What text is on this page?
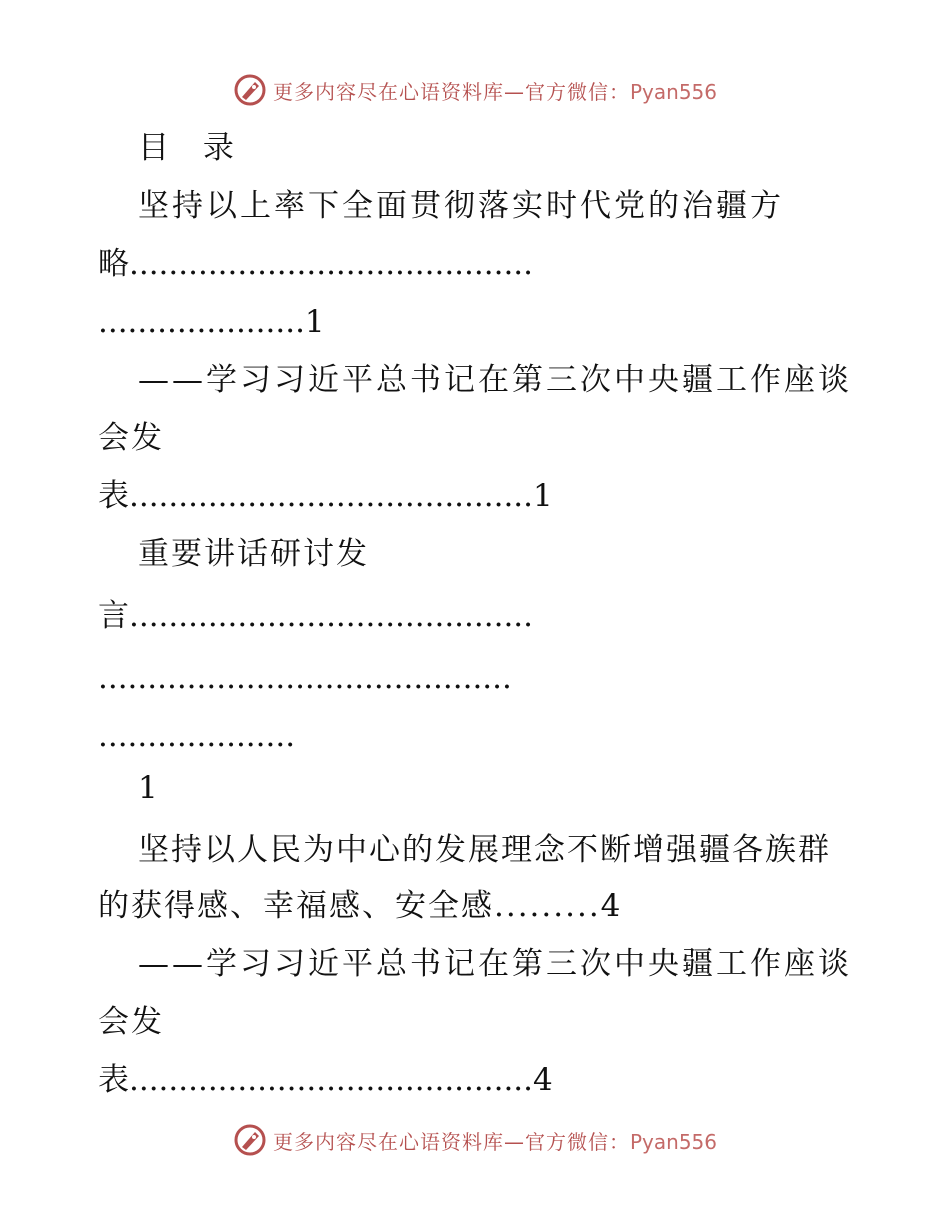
更多内容尽在心语资料库—官方微信：Pyan556
目 录
坚持以上率下全面贯彻落实时代党的治疆方
略.........................................
.....................1
——学习习近平总书记在第三次中央疆工作座谈
会发
表.........................................1
重要讲话研讨发
言.........................................
..........................................
....................
1
坚持以人民为中心的发展理念不断增强疆各族群
的获得感、幸福感、安全感.........4
——学习习近平总书记在第三次中央疆工作座谈
会发
表.........................................4
更多内容尽在心语资料库—官方微信：Pyan556
